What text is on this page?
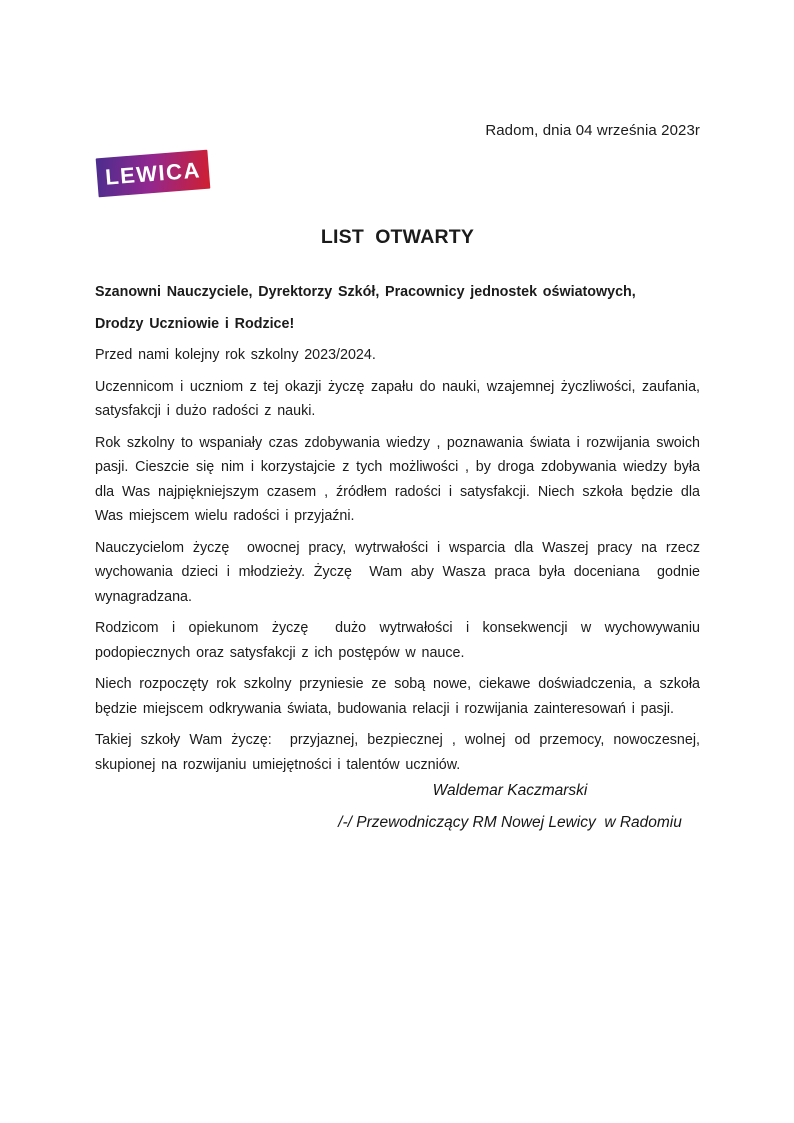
Radom, dnia 04 września 2023r
LEWICA
LIST  OTWARTY

Szanowni Nauczyciele, Dyrektorzy Szkół, Pracownicy jednostek oświatowych,

Drodzy Uczniowie i Rodzice!

Przed nami kolejny rok szkolny 2023/2024.

Uczennicom i uczniom z tej okazji życzę zapału do nauki, wzajemnej życzliwości, zaufania, satysfakcji i dużo radości z nauki.

Rok szkolny to wspaniały czas zdobywania wiedzy , poznawania świata i rozwijania swoich pasji. Cieszcie się nim i korzystajcie z tych możliwości , by droga zdobywania wiedzy była dla Was najpiękniejszym czasem , źródłem radości i satysfakcji. Niech szkoła będzie dla Was miejscem wielu radości i przyjaźni.

Nauczycielom życzę  owocnej pracy, wytrwałości i wsparcia dla Waszej pracy na rzecz wychowania dzieci i młodzieży. Życzę  Wam aby Wasza praca była doceniana  godnie wynagradzana.

Rodzicom i opiekunom życzę  dużo wytrwałości i konsekwencji w wychowywaniu podopiecznych oraz satysfakcji z ich postępów w nauce.

Niech rozpoczęty rok szkolny przyniesie ze sobą nowe, ciekawe doświadczenia, a szkoła będzie miejscem odkrywania świata, budowania relacji i rozwijania zainteresowań i pasji.

Takiej szkoły Wam życzę:  przyjaznej, bezpiecznej , wolnej od przemocy, nowoczesnej, skupionej na rozwijaniu umiejętności i talentów uczniów.

Waldemar Kaczmarski

/-/ Przewodniczący RM Nowej Lewicy  w Radomiu
